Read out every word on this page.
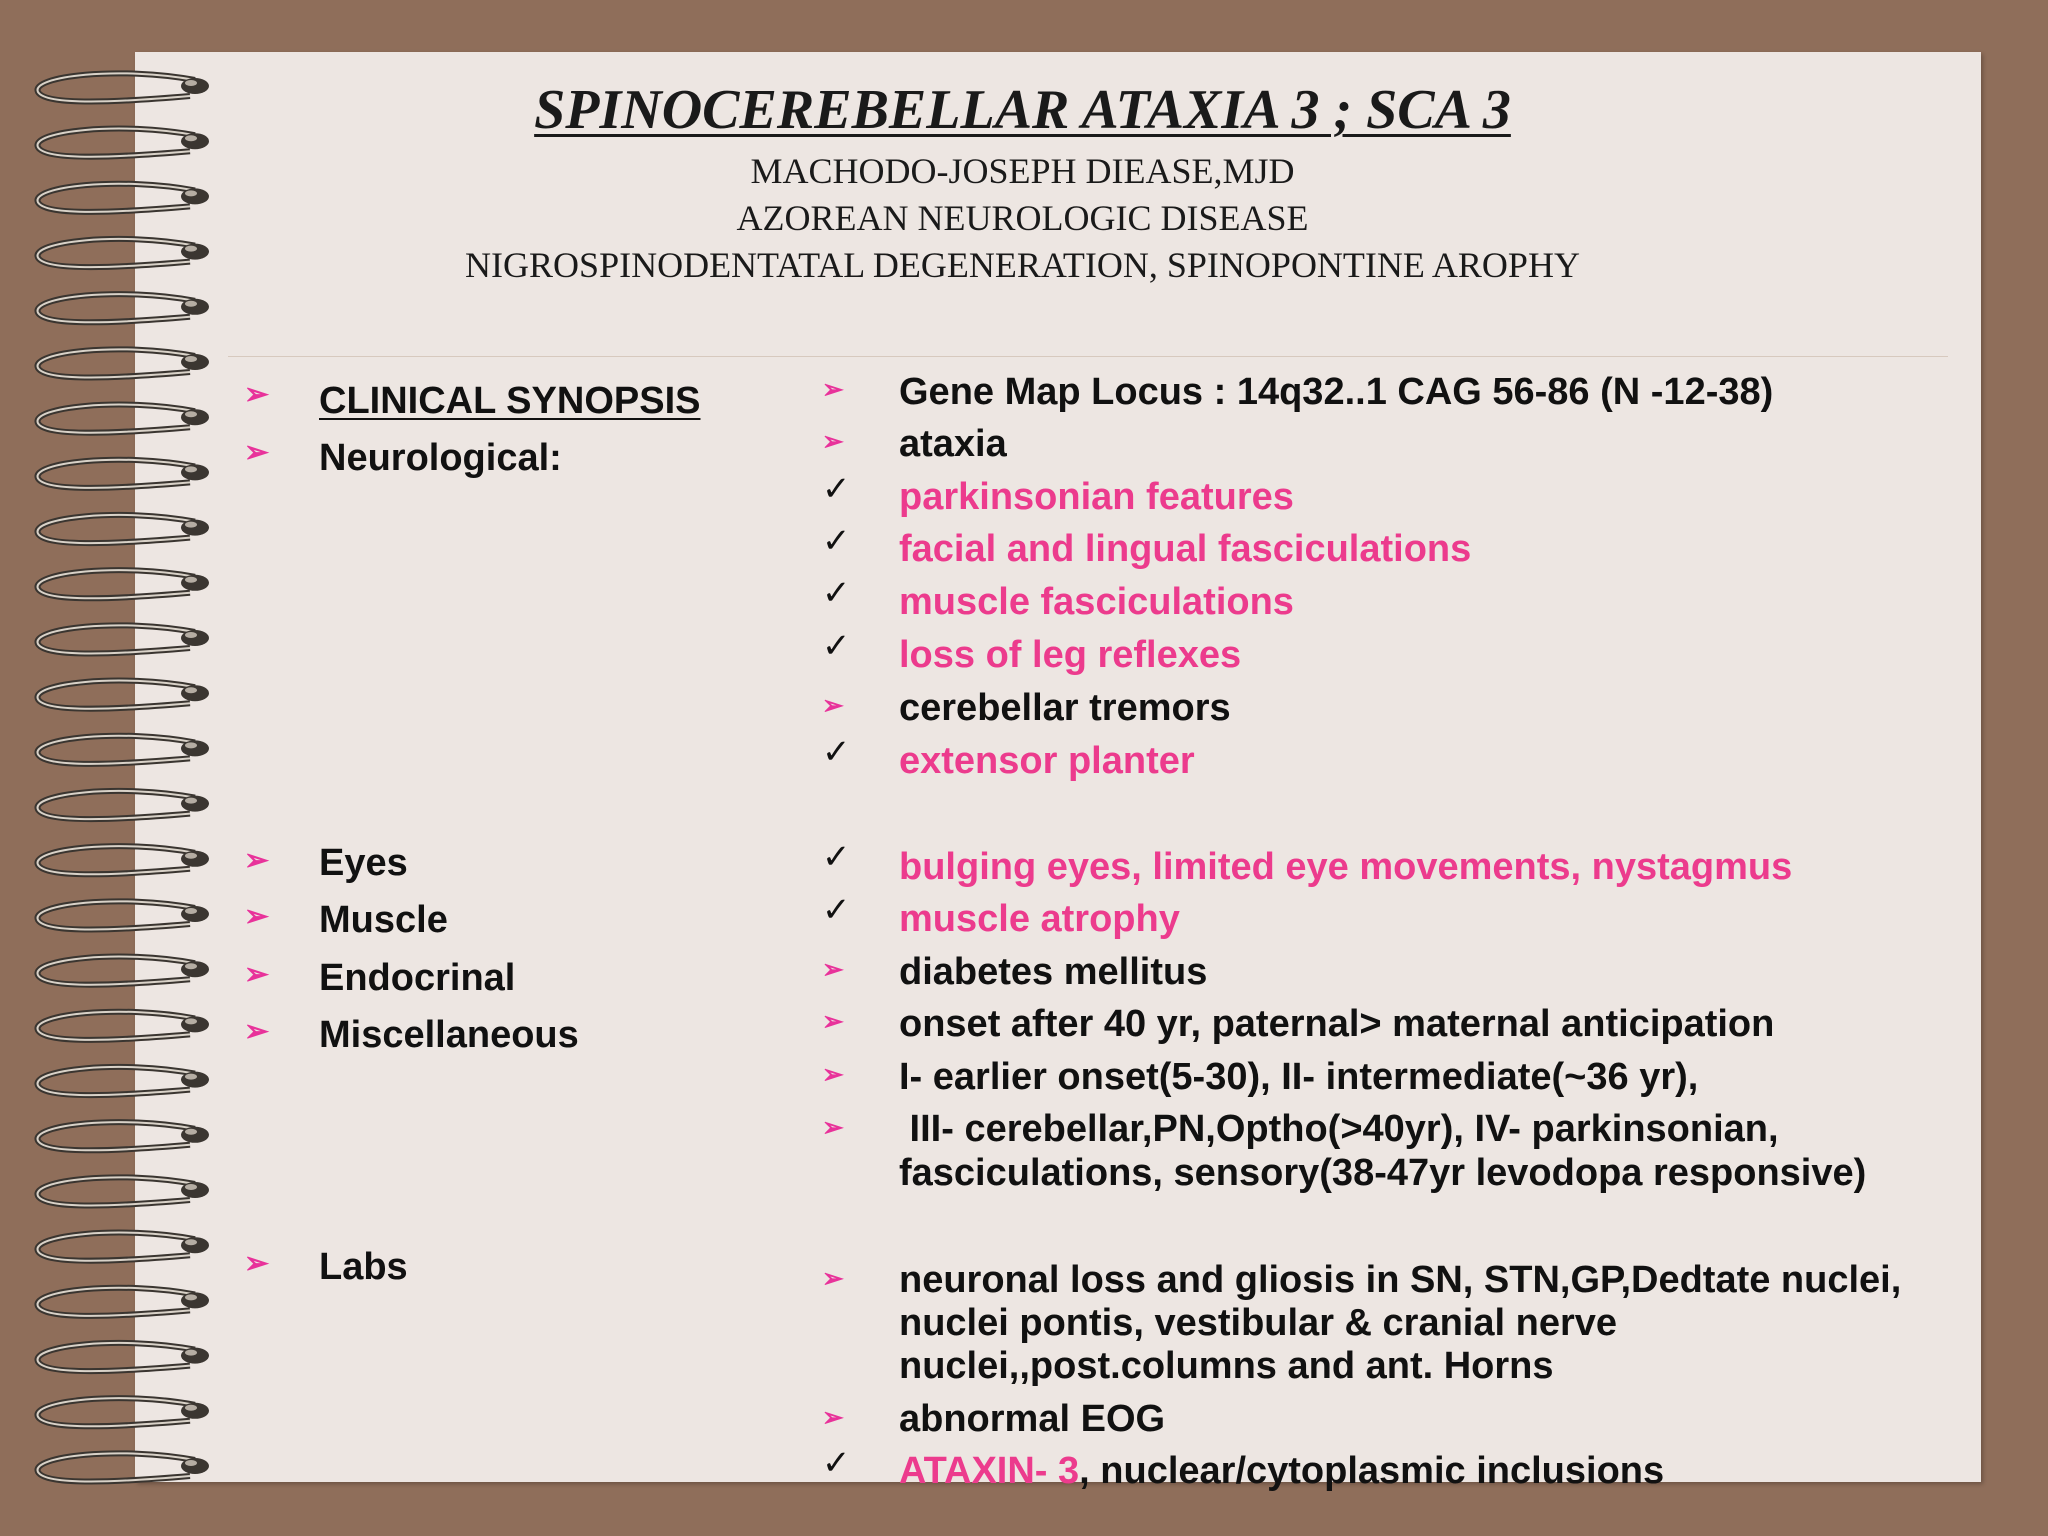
SPINOCEREBELLAR ATAXIA 3 ; SCA 3
MACHODO-JOSEPH DIEASE,MJD
AZOREAN NEUROLOGIC DISEASE
NIGROSPINODENTATAL DEGENERATION, SPINOPONTINE AROPHY
➢ CLINICAL SYNOPSIS
➢ Neurological:
➢ Eyes
➢ Muscle
➢ Endocrinal
➢ Miscellaneous
➢ Labs
➢ Gene Map Locus : 14q32..1 CAG 56-86 (N -12-38)
➢ ataxia
✓ parkinsonian features
✓ facial and lingual fasciculations
✓ muscle fasciculations
✓ loss of leg reflexes
➢ cerebellar tremors
✓ extensor planter
✓ bulging eyes, limited eye movements, nystagmus
✓ muscle atrophy
➢ diabetes mellitus
➢ onset after 40 yr, paternal> maternal anticipation
➢ I- earlier onset(5-30), II- intermediate(~36 yr),
➢ III- cerebellar,PN,Optho(>40yr), IV- parkinsonian,
fasciculations, sensory(38-47yr levodopa responsive)
➢ neuronal loss and gliosis in SN, STN,GP,Dedtate nuclei,
nuclei pontis, vestibular & cranial nerve
nuclei,,post.columns and ant. Horns
➢ abnormal EOG
✓ ATAXIN- 3, nuclear/cytoplasmic inclusions
